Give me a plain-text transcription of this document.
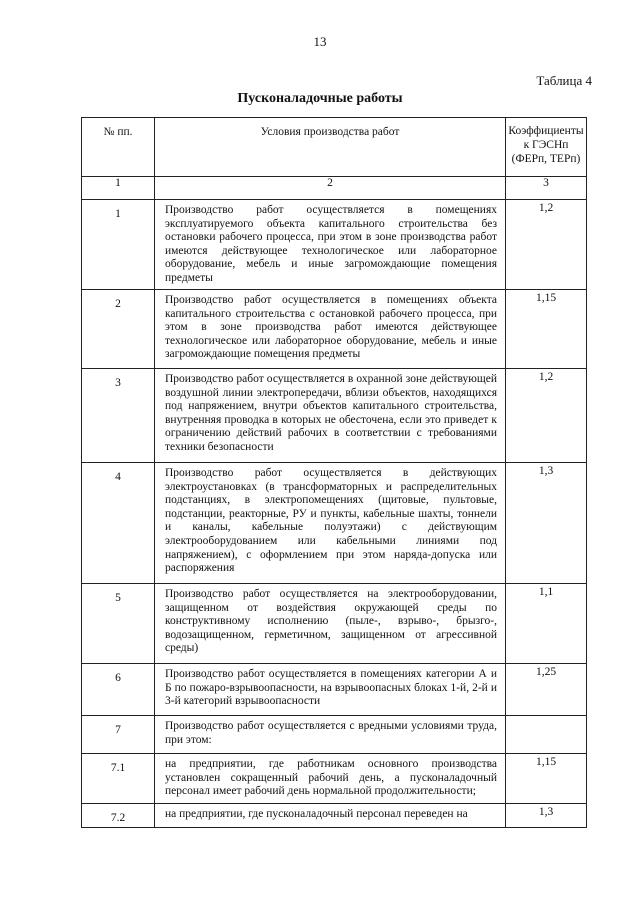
13
Таблица 4
Пусконаладочные работы
№ пп.	Условия производства работ	Коэффициенты к ГЭСНп (ФЕРп, ТЕРп)
1	2	3
1	Производство работ осуществляется в помещениях эксплуатируемого объекта капитального строительства без остановки рабочего процесса, при этом в зоне производства работ имеются действующее технологическое или лабораторное оборудование, мебель и иные загромождающие помещения предметы	1,2
2	Производство работ осуществляется в помещениях объекта капитального строительства с остановкой рабочего процесса, при этом в зоне производства работ имеются действующее технологическое или лабораторное оборудование, мебель и иные загромождающие помещения предметы	1,15
3	Производство работ осуществляется в охранной зоне действующей воздушной линии электропередачи, вблизи объектов, находящихся под напряжением, внутри объектов капитального строительства, внутренняя проводка в которых не обесточена, если это приведет к ограничению действий рабочих в соответствии с требованиями техники безопасности	1,2
4	Производство работ осуществляется в действующих электроустановках (в трансформаторных и распределительных подстанциях, в электропомещениях (щитовые, пультовые, подстанции, реакторные, РУ и пункты, кабельные шахты, тоннели и каналы, кабельные полуэтажи) с действующим электрооборудованием или кабельными линиями под напряжением), с оформлением при этом наряда-допуска или распоряжения	1,3
5	Производство работ осуществляется на электрооборудовании, защищенном от воздействия окружающей среды по конструктивному исполнению (пыле-, взрыво-, брызго-, водозащищенном, герметичном, защищенном от агрессивной среды)	1,1
6	Производство работ осуществляется в помещениях категории А и Б по пожаро-взрывоопасности, на взрывоопасных блоках 1-й, 2-й и 3-й категорий взрывоопасности	1,25
7	Производство работ осуществляется с вредными условиями труда, при этом:	
7.1	на предприятии, где работникам основного производства установлен сокращенный рабочий день, а пусконаладочный персонал имеет рабочий день нормальной продолжительности;	1,15
7.2	на предприятии, где пусконаладочный персонал переведен на	1,3
